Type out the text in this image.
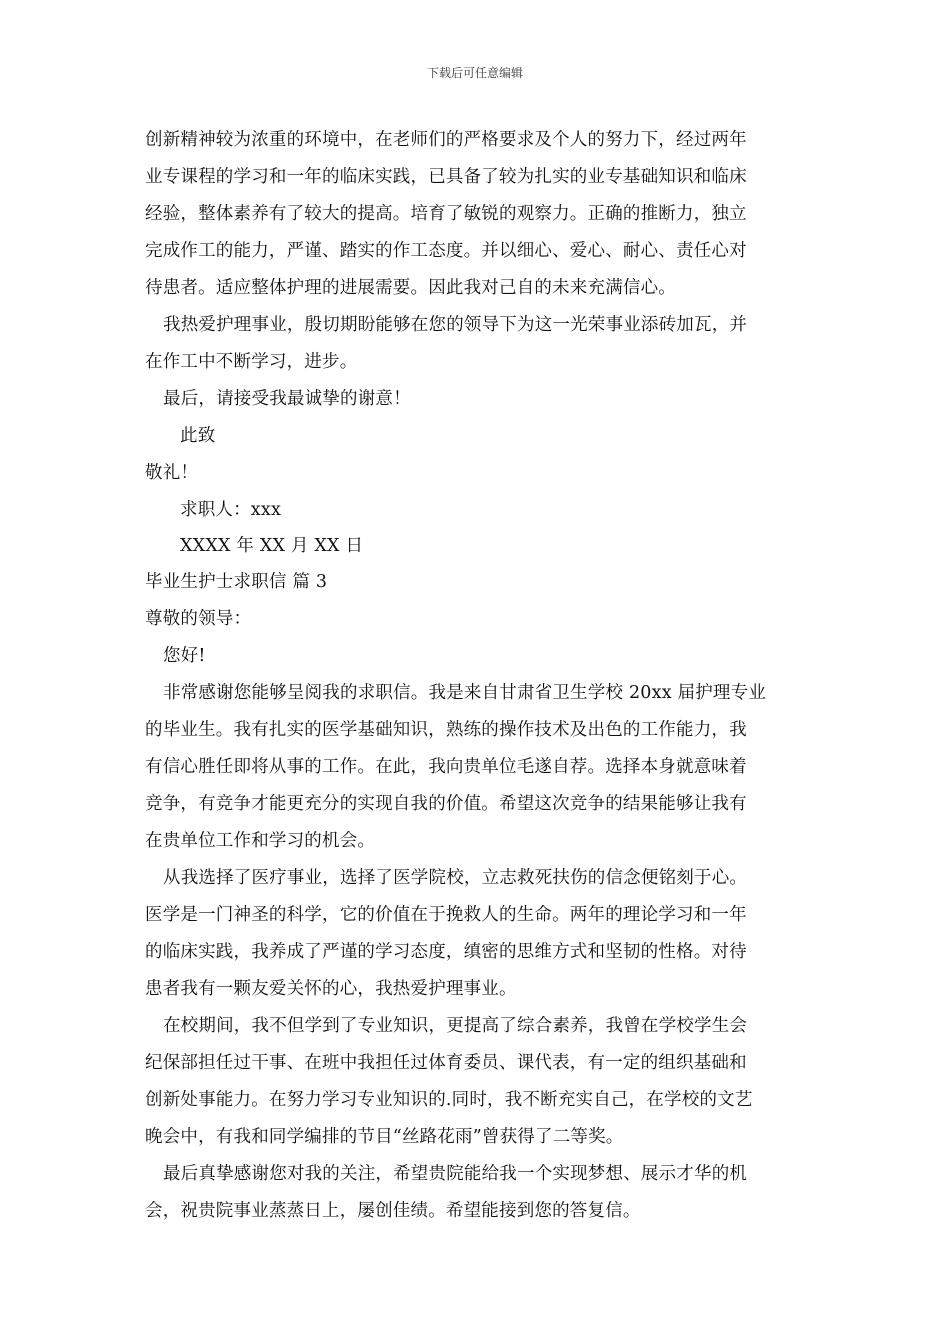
下载后可任意编辑

创新精神较为浓重的环境中，在老师们的严格要求及个人的努力下，经过两年

业专课程的学习和一年的临床实践，已具备了较为扎实的业专基础知识和临床

经验，整体素养有了较大的提高。培育了敏锐的观察力。正确的推断力，独立

完成作工的能力，严谨、踏实的作工态度。并以细心、爱心、耐心、责任心对

待患者。适应整体护理的进展需要。因此我对己自的未来充满信心。

我热爱护理事业，殷切期盼能够在您的领导下为这一光荣事业添砖加瓦，并

在作工中不断学习，进步。

最后，请接受我最诚挚的谢意！

此致

敬礼！

求职人：xxx

XXXX 年 XX 月 XX 日

毕业生护士求职信 篇 3

尊敬的领导：

您好!

非常感谢您能够呈阅我的求职信。我是来自甘肃省卫生学校 20xx 届护理专业

的毕业生。我有扎实的医学基础知识，熟练的操作技术及出色的工作能力，我

有信心胜任即将从事的工作。在此，我向贵单位毛遂自荐。选择本身就意味着

竞争，有竞争才能更充分的实现自我的价值。希望这次竞争的结果能够让我有

在贵单位工作和学习的机会。

从我选择了医疗事业，选择了医学院校，立志救死扶伤的信念便铭刻于心。

医学是一门神圣的科学，它的价值在于挽救人的生命。两年的理论学习和一年

的临床实践，我养成了严谨的学习态度，缜密的思维方式和坚韧的性格。对待

患者我有一颗友爱关怀的心，我热爱护理事业。

在校期间，我不但学到了专业知识，更提高了综合素养，我曾在学校学生会

纪保部担任过干事、在班中我担任过体育委员、课代表，有一定的组织基础和

创新处事能力。在努力学习专业知识的.同时，我不断充实自己，在学校的文艺

晚会中，有我和同学编排的节目“丝路花雨”曾获得了二等奖。

最后真挚感谢您对我的关注，希望贵院能给我一个实现梦想、展示才华的机

会，祝贵院事业蒸蒸日上，屡创佳绩。希望能接到您的答复信。
